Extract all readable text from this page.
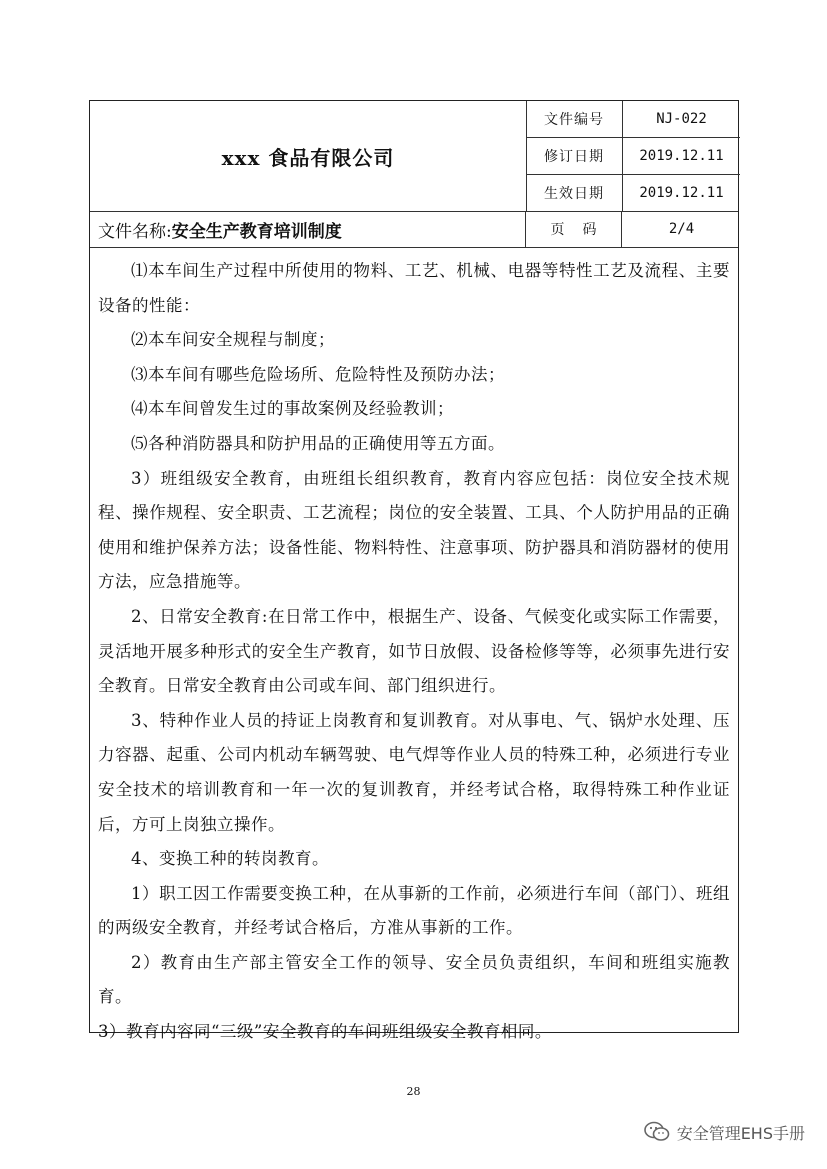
xxx 食品有限公司
文件编号	NJ-022
修订日期	2019.12.11
生效日期	2019.12.11
文件名称: 安全生产教育培训制度	页码	2/4

⑴本车间生产过程中所使用的物料、工艺、机械、电器等特性工艺及流程、主要设备的性能：

⑵本车间安全规程与制度；

⑶本车间有哪些危险场所、危险特性及预防办法；

⑷本车间曾发生过的事故案例及经验教训；

⑸各种消防器具和防护用品的正确使用等五方面。

3）班组级安全教育，由班组长组织教育，教育内容应包括：岗位安全技术规程、操作规程、安全职责、工艺流程；岗位的安全装置、工具、个人防护用品的正确使用和维护保养方法；设备性能、物料特性、注意事项、防护器具和消防器材的使用方法，应急措施等。

2、日常安全教育:在日常工作中，根据生产、设备、气候变化或实际工作需要，灵活地开展多种形式的安全生产教育，如节日放假、设备检修等等，必须事先进行安全教育。日常安全教育由公司或车间、部门组织进行。

3、特种作业人员的持证上岗教育和复训教育。对从事电、气、锅炉水处理、压力容器、起重、公司内机动车辆驾驶、电气焊等作业人员的特殊工种，必须进行专业安全技术的培训教育和一年一次的复训教育，并经考试合格，取得特殊工种作业证后，方可上岗独立操作。

4、变换工种的转岗教育。

1）职工因工作需要变换工种，在从事新的工作前，必须进行车间（部门）、班组的两级安全教育，并经考试合格后，方准从事新的工作。

2）教育由生产部主管安全工作的领导、安全员负责组织，车间和班组实施教育。

3）教育内容同“三级”安全教育的车间班组级安全教育相同。

28
安全管理EHS手册
